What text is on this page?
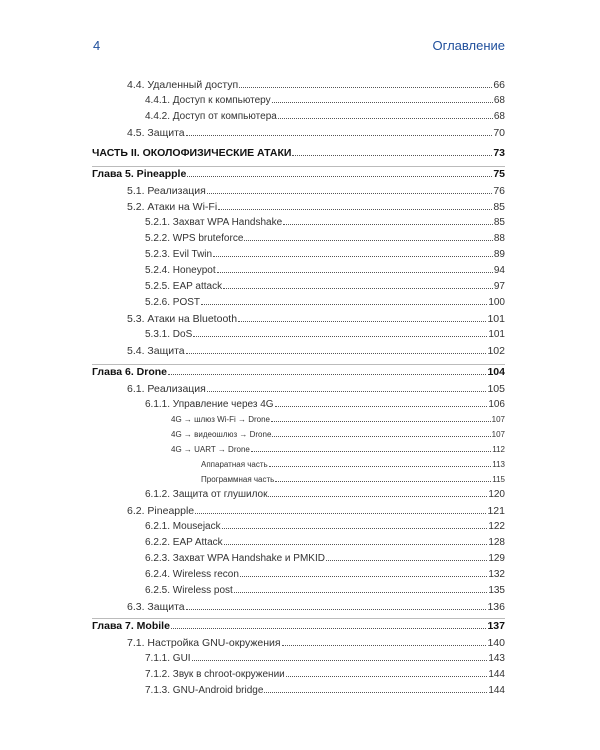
4	Оглавление
4.4. Удаленный доступ	66
4.4.1. Доступ к компьютеру	68
4.4.2. Доступ от компьютера	68
4.5. Защита	70
ЧАСТЬ II. ОКОЛОФИЗИЧЕСКИЕ АТАКИ	73
Глава 5. Pineapple	75
5.1. Реализация	76
5.2. Атаки на Wi-Fi	85
5.2.1. Захват WPA Handshake	85
5.2.2. WPS bruteforce	88
5.2.3. Evil Twin	89
5.2.4. Honeypot	94
5.2.5. EAP attack	97
5.2.6. POST	100
5.3. Атаки на Bluetooth	101
5.3.1. DoS	101
5.4. Защита	102
Глава 6. Drone	104
6.1. Реализация	105
6.1.1. Управление через 4G	106
4G → шлюз Wi-Fi → Drone	107
4G → видеошлюз → Drone	107
4G → UART → Drone	112
Аппаратная часть	113
Программная часть	115
6.1.2. Защита от глушилок	120
6.2. Pineapple	121
6.2.1. Mousejack	122
6.2.2. EAP Attack	128
6.2.3. Захват WPA Handshake и PMKID	129
6.2.4. Wireless recon	132
6.2.5. Wireless post	135
6.3. Защита	136
Глава 7. Mobile	137
7.1. Настройка GNU-окружения	140
7.1.1. GUI	143
7.1.2. Звук в chroot-окружении	144
7.1.3. GNU-Android bridge	144
